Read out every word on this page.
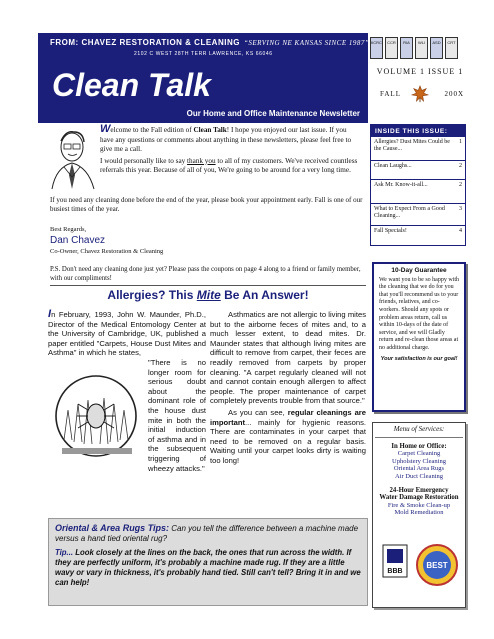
FROM: CHAVEZ RESTORATION & CLEANING “SERVING NE KANSAS SINCE 1987”
2102 C WEST 28TH TERR LAWRENCE, KS 66046
IICRC	CCR	RIA	WLI	ASD	CRT
Clean Talk
Our Home and Office Maintenance Newsletter
VOLUME 1 ISSUE 1
FALL	200X
INSIDE THIS ISSUE:
Allergies? Dust Mites Could be the Cause...
1
Clean Laughs...	2
Ask Mr. Know-it-all...	2
What to Expect From a Good Cleaning...
3
Fall Specials!	4

Welcome to the Fall edition of Clean Talk! I hope you enjoyed our last issue. If you have any questions or comments about anything in these newsletters, please feel free to give me a call.

I would personally like to say thank you to all of my customers. We've received countless referrals this year. Because of all of you, We're going to be around for a very long time.

If you need any cleaning done before the end of the year, please book your appointment early. Fall is one of our busiest times of the year.
Best Regards,
Dan Chavez
Co-Owner, Chavez Restoration & Cleaning
P.S. Don't need any cleaning done just yet? Please pass the coupons on page 4 along to a friend or family member, with our compliments!
Allergies? This Mite Be An Answer!

In February, 1993, John W. Maunder, Ph.D., Director of the Medical Entomology Center at the University of Cambridge, UK, published a paper entitled "Carpets, House Dust Mites and Asthma" in which he states,

"There is no longer room for serious doubt about the dominant role of the house dust mite in both the initial induction of asthma and in the subsequent triggering of wheezy attacks."

Asthmatics are not allergic to living mites but to the airborne feces of mites and, to a much lesser extent, to dead mites. Dr. Maunder states that although living mites are difficult to remove from carpet, their feces are readily removed from carpets by proper cleaning. "A carpet regularly cleaned will not and cannot contain enough allergen to affect people. The proper maintenance of carpet completely prevents trouble from that source."

As you can see, regular cleanings are important... mainly for hygienic reasons. There are contaminates in your carpet that need to be removed on a regular basis. Waiting until your carpet looks dirty is waiting too long!

Oriental & Area Rugs Tips: Can you tell the difference between a machine made versus a hand tied oriental rug?
Tip... Look closely at the lines on the back, the ones that run across the width. If they are perfectly uniform, it's probably a machine made rug. If they are a little wavy or vary in thickness, it's probably hand tied. Still can't tell? Bring it in and we can help!
10-Day Guarantee
We want you to be so happy with the cleaning that we do for you that you'll recommend us to your friends, relatives, and co-workers. Should any spots or problem areas return, call us within 10-days of the date of service, and we will Gladly return and re-clean those areas at no additional charge.
Your satisfaction is our goal!
Menu of Services:
In Home or Office:
Carpet Cleaning
Upholstery Cleaning
Oriental Area Rugs
Air Duct Cleaning
24-Hour Emergency
Water Damage Restoration
Fire & Smoke Clean-up
Mold Remediation
BBB
BEST
